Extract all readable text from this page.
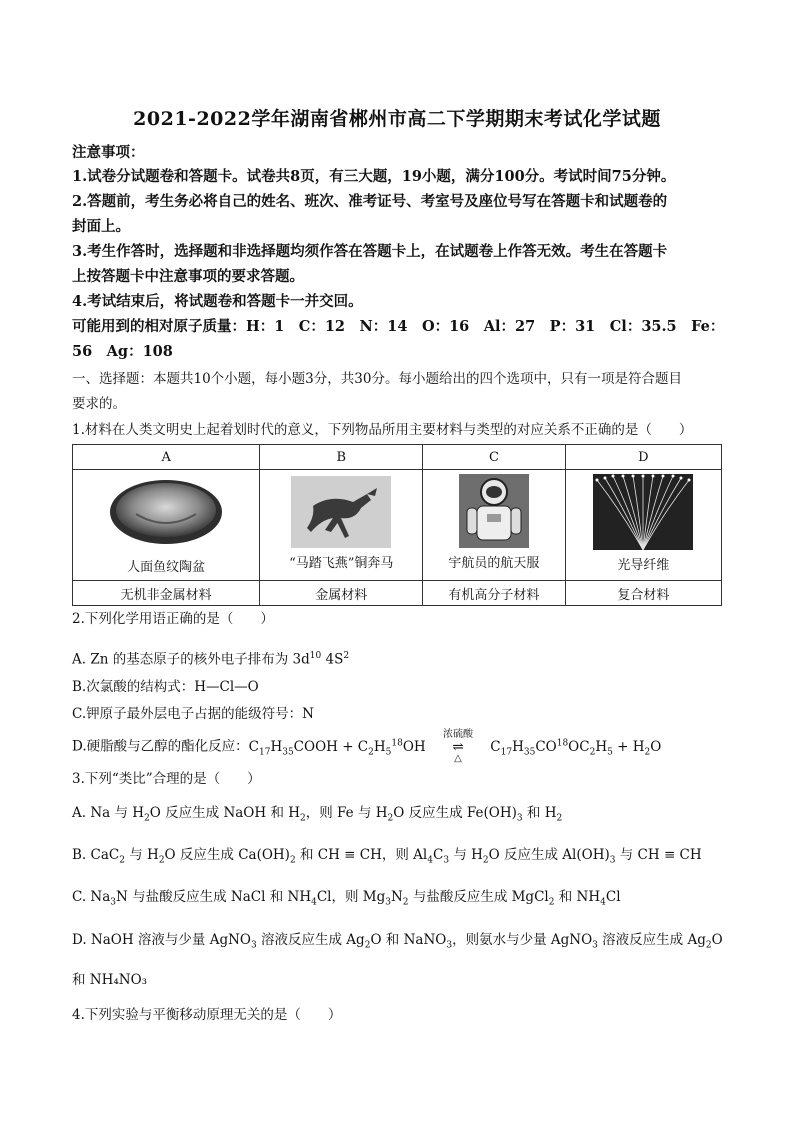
2021-2022学年湖南省郴州市高二下学期期末考试化学试题
注意事项：
1.试卷分试题卷和答题卡。试卷共8页，有三大题，19小题，满分100分。考试时间75分钟。
2.答题前，考生务必将自己的姓名、班次、准考证号、考室号及座位号写在答题卡和试题卷的
封面上。
3.考生作答时，选择题和非选择题均须作答在答题卡上，在试题卷上作答无效。考生在答题卡
上按答题卡中注意事项的要求答题。
4.考试结束后，将试题卷和答题卡一并交回。
可能用到的相对原子质量：H：1　C：12　N：14　O：16　Al：27　P：31　Cl：35.5　Fe：
56　Ag：108
一、选择题：本题共10个小题，每小题3分，共30分。每小题给出的四个选项中，只有一项是符合题目
要求的。
1.材料在人类文明史上起着划时代的意义，下列物品所用主要材料与类型的对应关系不正确的是（　　）
A	B	C	D

人面鱼纹陶盆	“马踏飞燕”铜奔马	宇航员的航天服	光导纤维

无机非金属材料	金属材料	有机高分子材料	复合材料
2.下列化学用语正确的是（　　）
A. Zn 的基态原子的核外电子排布为 $3d^{10}$ $4S^2$
B.次氯酸的结构式：H—Cl—O
C.钾原子最外层电子占据的能级符号：N
D.硬脂酸与乙醇的酯化反应：$C_{17}H_{35}COOH + C_2H_5^{18}OH$
浓硫酸
⇌
△
$C_{17}H_{35}CO^{18}OC_2H_5 + H_2O$
3.下列“类比”合理的是（　　）
A. Na 与 $H_2O$ 反应生成 NaOH 和 $H_2$，则 Fe 与 $H_2O$ 反应生成 $Fe(OH)_3$ 和 $H_2$
B. CaC$_2$ 与 $H_2O$ 反应生成 $Ca(OH)_2$ 和 CH ≡ CH，则 $Al_4C_3$ 与 $H_2O$ 反应生成 $Al(OH)_3$ 与 CH ≡ CH
C. $Na_3N$ 与盐酸反应生成 NaCl 和 $NH_4Cl$，则 $Mg_3N_2$ 与盐酸反应生成 MgCl$_2$ 和 $NH_4Cl$
D. NaOH 溶液与少量 AgNO$_3$ 溶液反应生成 $Ag_2O$ 和 NaNO$_3$，则氨水与少量 AgNO$_3$ 溶液反应生成 $Ag_2O$
和 NH₄NO₃
4.下列实验与平衡移动原理无关的是（　　）
